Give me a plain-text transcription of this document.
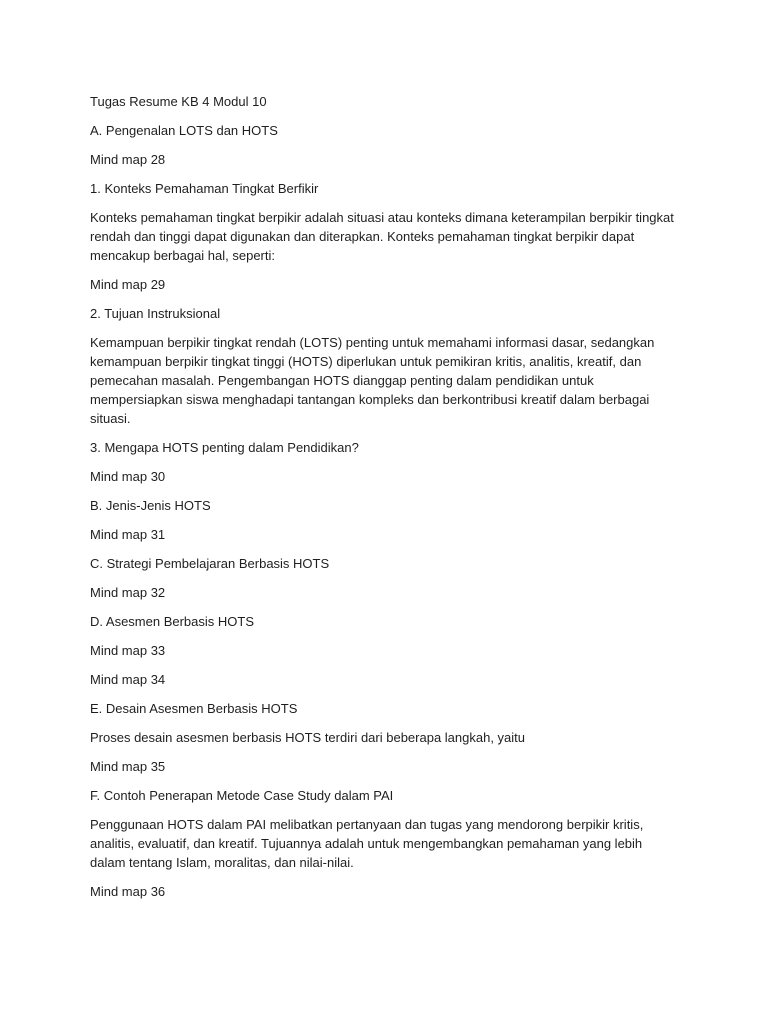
Tugas Resume KB 4 Modul 10

A. Pengenalan LOTS dan HOTS

Mind map 28

1. Konteks Pemahaman Tingkat Berfikir

Konteks pemahaman tingkat berpikir adalah situasi atau konteks dimana keterampilan berpikir tingkat rendah dan tinggi dapat digunakan dan diterapkan. Konteks pemahaman tingkat berpikir dapat mencakup berbagai hal, seperti:

Mind map 29

2. Tujuan Instruksional

Kemampuan berpikir tingkat rendah (LOTS) penting untuk memahami informasi dasar, sedangkan kemampuan berpikir tingkat tinggi (HOTS) diperlukan untuk pemikiran kritis, analitis, kreatif, dan pemecahan masalah. Pengembangan HOTS dianggap penting dalam pendidikan untuk mempersiapkan siswa menghadapi tantangan kompleks dan berkontribusi kreatif dalam berbagai situasi.

3. Mengapa HOTS penting dalam Pendidikan?

Mind map 30

B. Jenis-Jenis HOTS

Mind map 31

C. Strategi Pembelajaran Berbasis HOTS

Mind map 32

D. Asesmen Berbasis HOTS

Mind map 33

Mind map 34

E. Desain Asesmen Berbasis HOTS

Proses desain asesmen berbasis HOTS terdiri dari beberapa langkah, yaitu

Mind map 35

F. Contoh Penerapan Metode Case Study dalam PAI

Penggunaan HOTS dalam PAI melibatkan pertanyaan dan tugas yang mendorong berpikir kritis, analitis, evaluatif, dan kreatif. Tujuannya adalah untuk mengembangkan pemahaman yang lebih dalam tentang Islam, moralitas, dan nilai-nilai.

Mind map 36
